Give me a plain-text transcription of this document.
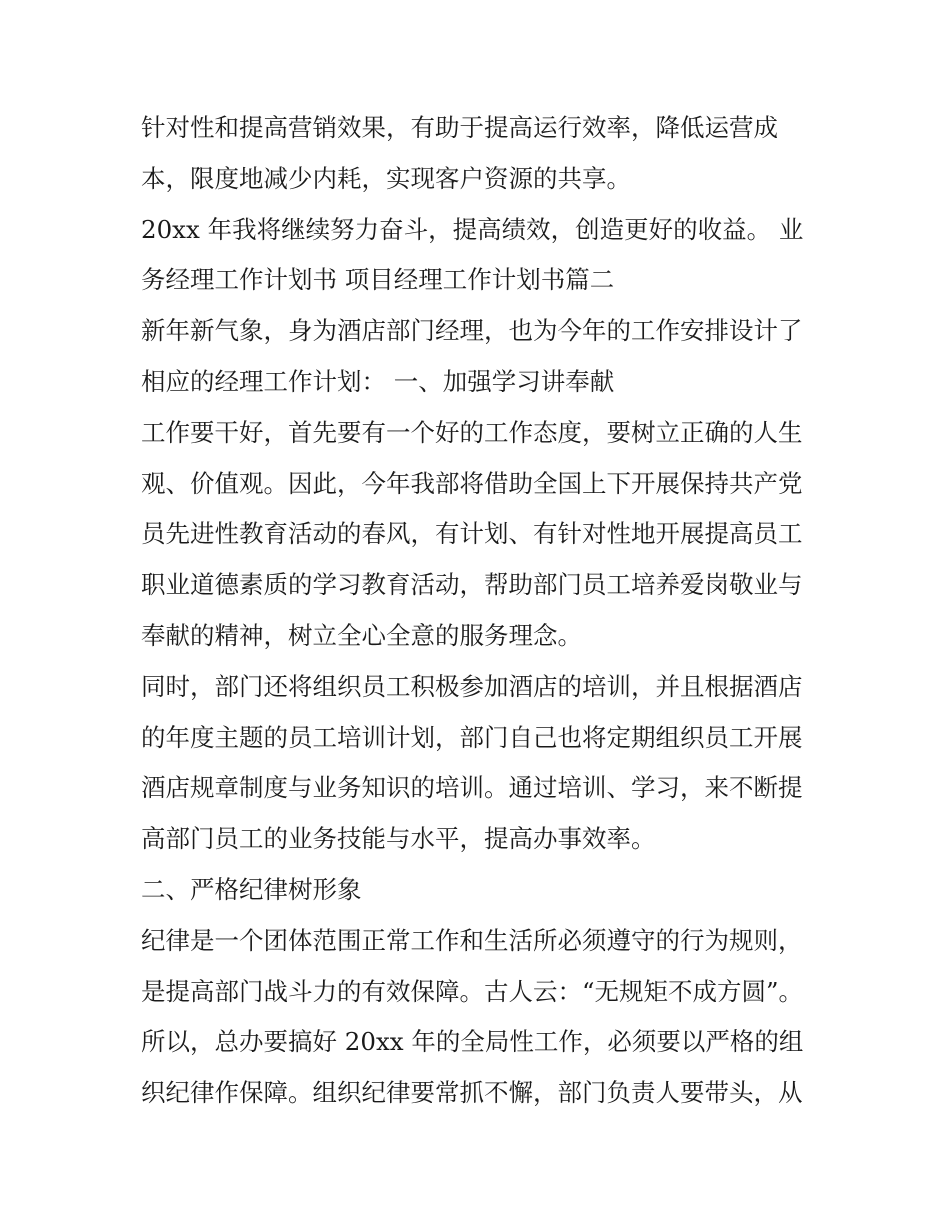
针对性和提高营销效果，有助于提高运行效率，降低运营成
本，限度地减少内耗，实现客户资源的共享。
20xx 年我将继续努力奋斗，提高绩效，创造更好的收益。 业
务经理工作计划书 项目经理工作计划书篇二
新年新气象，身为酒店部门经理，也为今年的工作安排设计了
相应的经理工作计划： 一、加强学习讲奉献
工作要干好，首先要有一个好的工作态度，要树立正确的人生
观、价值观。因此，今年我部将借助全国上下开展保持共产党
员先进性教育活动的春风，有计划、有针对性地开展提高员工
职业道德素质的学习教育活动，帮助部门员工培养爱岗敬业与
奉献的精神，树立全心全意的服务理念。
同时，部门还将组织员工积极参加酒店的培训，并且根据酒店
的年度主题的员工培训计划，部门自己也将定期组织员工开展
酒店规章制度与业务知识的培训。通过培训、学习，来不断提
高部门员工的业务技能与水平，提高办事效率。
二、严格纪律树形象
纪律是一个团体范围正常工作和生活所必须遵守的行为规则，
是提高部门战斗力的有效保障。古人云：“无规矩不成方圆”。
所以，总办要搞好 20xx 年的全局性工作，必须要以严格的组
织纪律作保障。组织纪律要常抓不懈，部门负责人要带头，从
